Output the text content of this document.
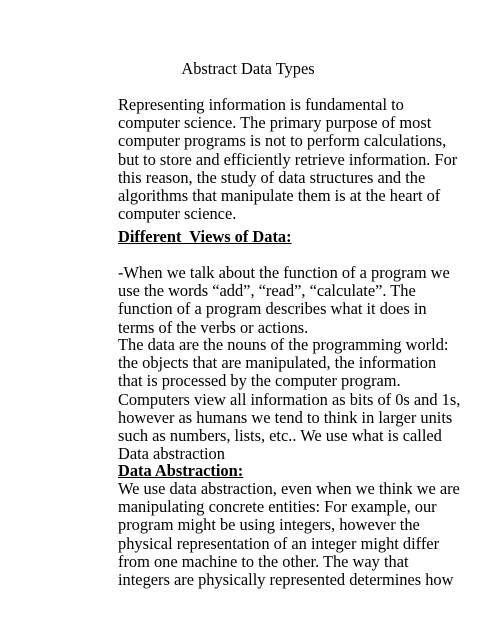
Abstract Data Types
Representing information is fundamental to
computer science. The primary purpose of most
computer programs is not to perform calculations,
but to store and efficiently retrieve information. For
this reason, the study of data structures and the
algorithms that manipulate them is at the heart of
computer science.
Different  Views of Data:
-When we talk about the function of a program we
use the words “add”, “read”, “calculate”. The
function of a program describes what it does in
terms of the verbs or actions.
The data are the nouns of the programming world:
the objects that are manipulated, the information
that is processed by the computer program.
Computers view all information as bits of 0s and 1s,
however as humans we tend to think in larger units
such as numbers, lists, etc.. We use what is called
Data abstraction
Data Abstraction:
We use data abstraction, even when we think we are
manipulating concrete entities: For example, our
program might be using integers, however the
physical representation of an integer might differ
from one machine to the other. The way that
integers are physically represented determines how
